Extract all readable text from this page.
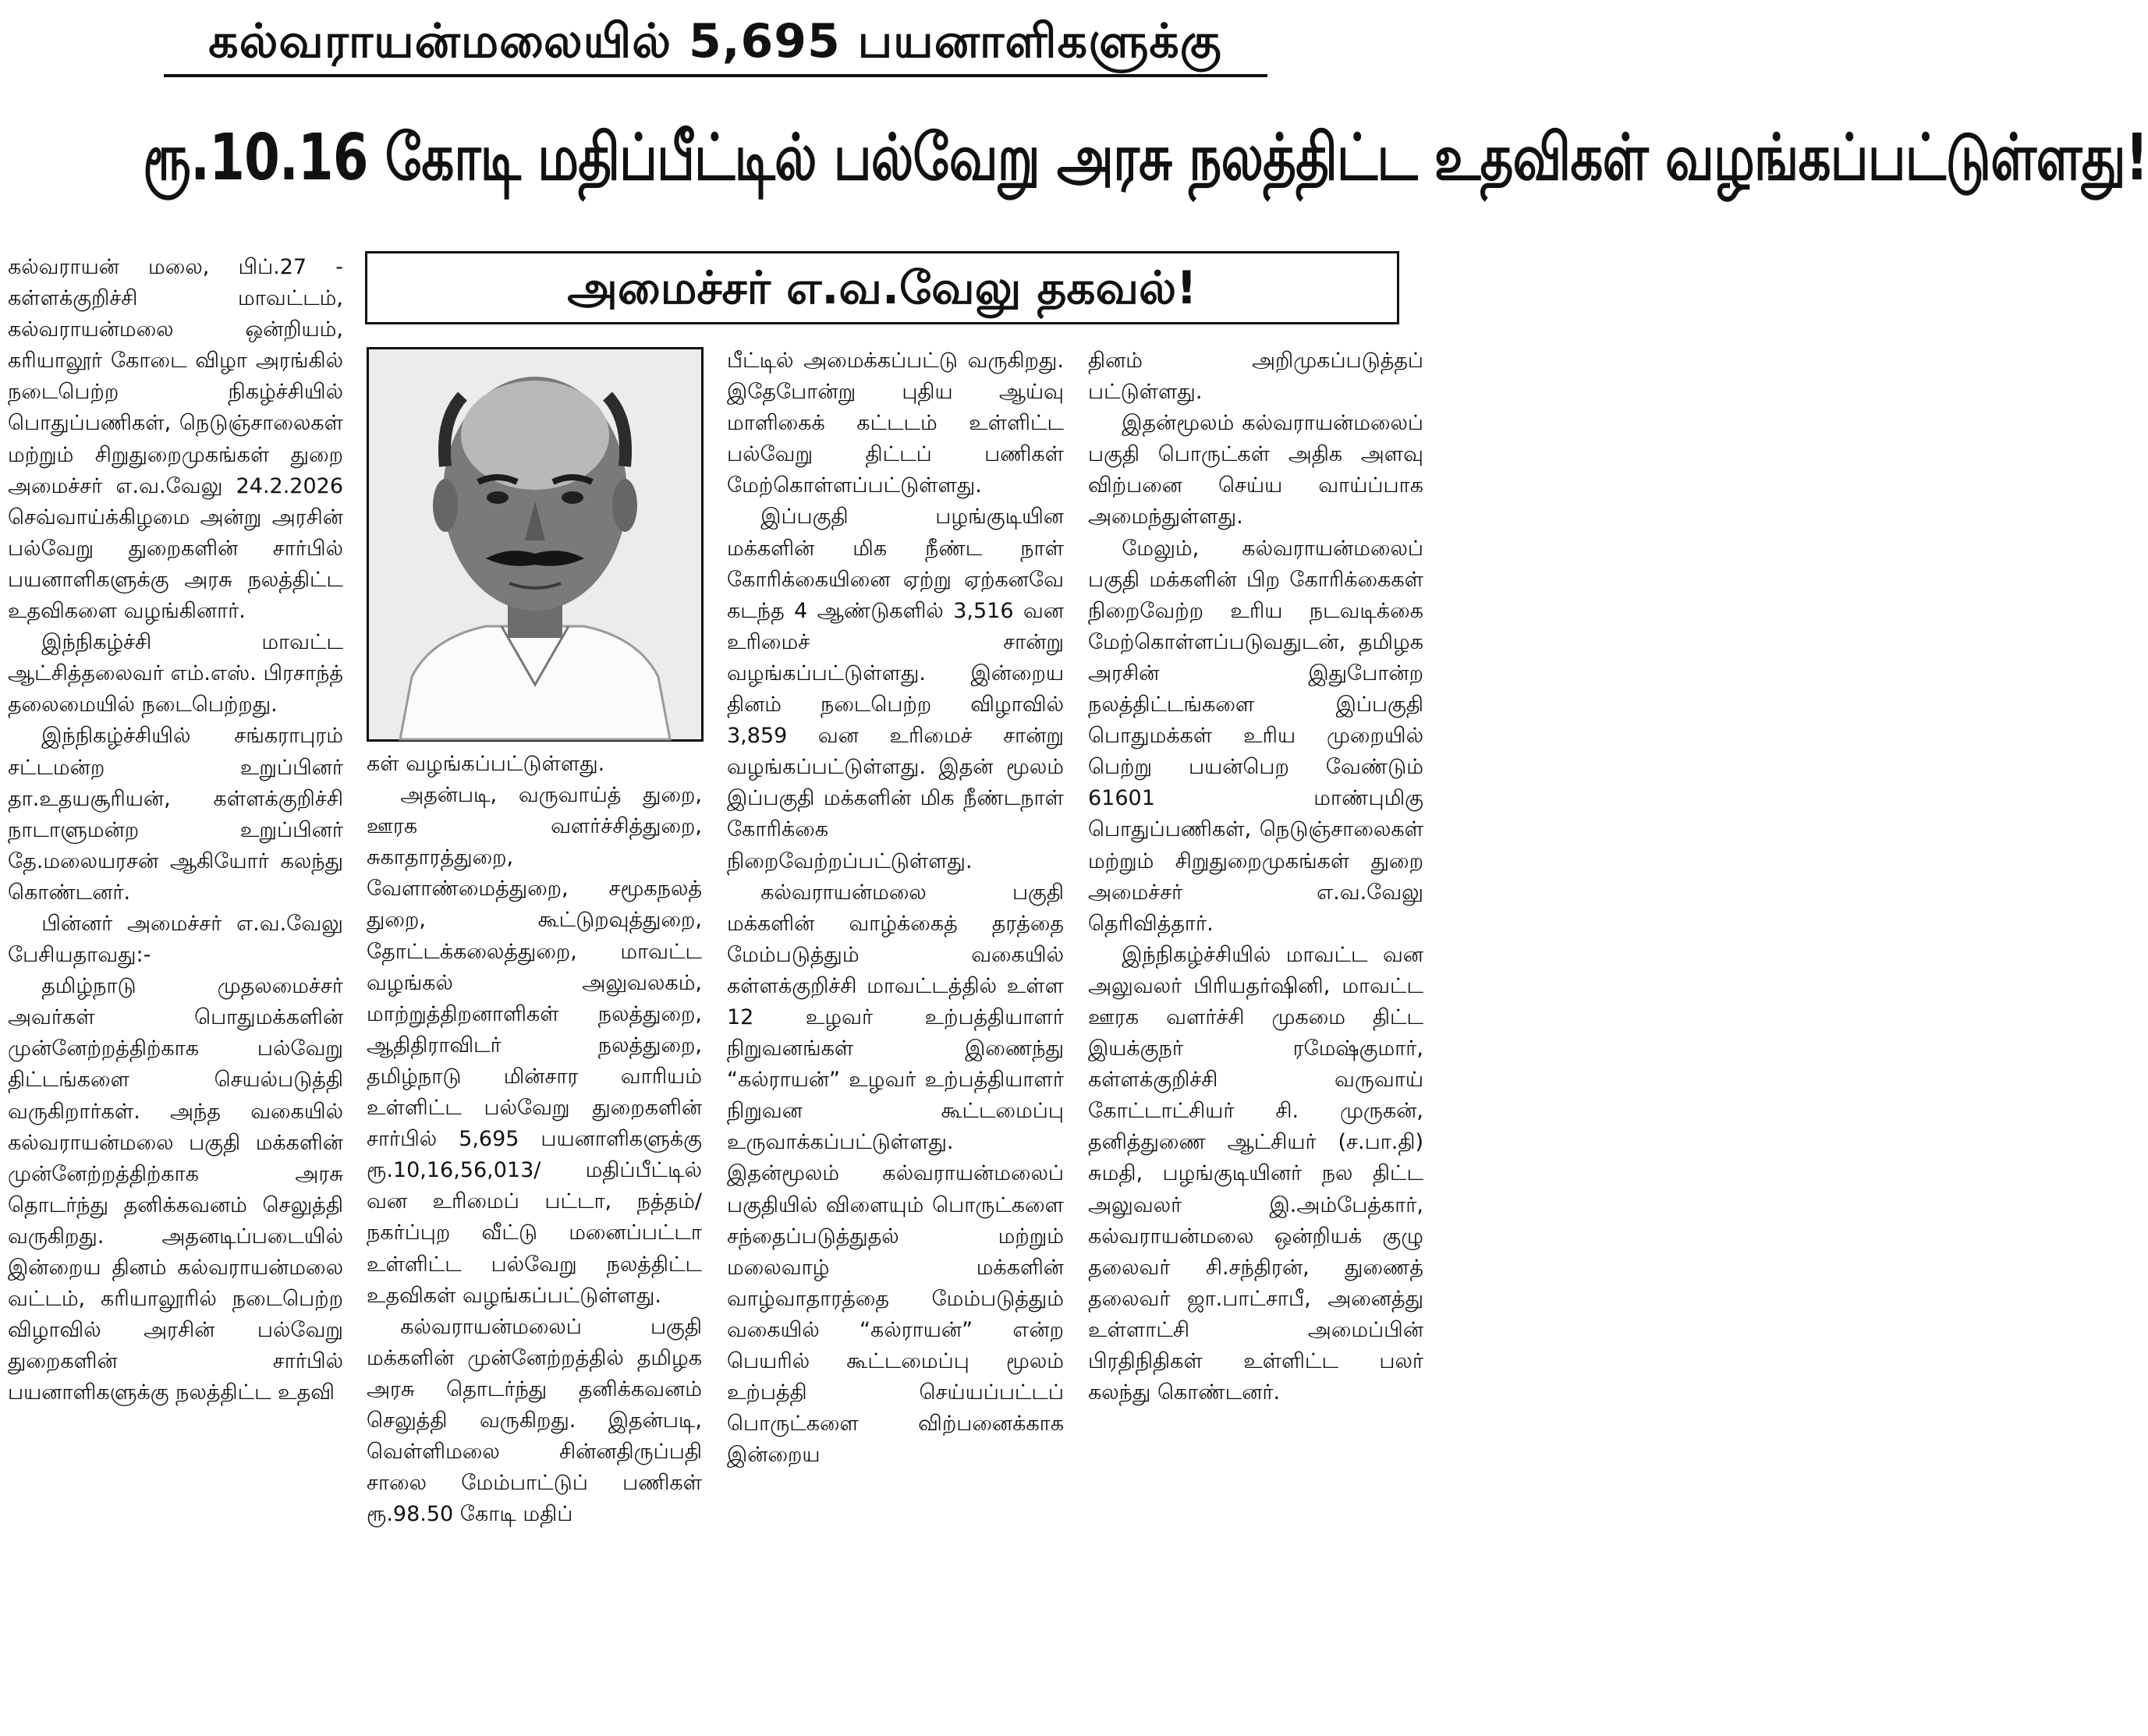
கல்வராயன்மலையில் 5,695 பயனாளிகளுக்கு
ரூ.10.16 கோடி மதிப்பீட்டில் பல்வேறு அரசு நலத்திட்ட உதவிகள் வழங்கப்பட்டுள்ளது!
அமைச்சர் எ.வ.வேலு தகவல்!

கல்வராயன் மலை, பிப்.27 - கள்ளக்குறிச்சி மாவட்டம், கல்வராயன்மலை ஒன்றியம், கரியாலூர் கோடை விழா அரங்கில் நடைபெற்ற நிகழ்ச்சியில் பொதுப்பணிகள், நெடுஞ்சாலைகள் மற்றும் சிறுதுறைமுகங்கள் துறை அமைச்சர் எ.வ.வேலு 24.2.2026 செவ்வாய்க்கிழமை அன்று அரசின் பல்வேறு துறைகளின் சார்பில் பயனாளிகளுக்கு அரசு நலத்திட்ட உதவிகளை வழங்கினார்.

இந்நிகழ்ச்சி மாவட்ட ஆட்சித்தலைவர் எம்.எஸ். பிரசாந்த் தலைமையில் நடைபெற்றது.

இந்நிகழ்ச்சியில் சங்கராபுரம் சட்டமன்ற உறுப்பினர் தா.உதயசூரியன், கள்ளக்குறிச்சி நாடாளுமன்ற உறுப்பினர் தே.மலையரசன் ஆகியோர் கலந்து கொண்டனர்.

பின்னர் அமைச்சர் எ.வ.வேலு பேசியதாவது:-

தமிழ்நாடு முதலமைச்சர் அவர்கள் பொதுமக்களின் முன்னேற்றத்திற்காக பல்வேறு திட்டங்களை செயல்படுத்தி வருகிறார்கள். அந்த வகையில் கல்வராயன்மலை பகுதி மக்களின் முன்னேற்றத்திற்காக அரசு தொடர்ந்து தனிக்கவனம் செலுத்தி வருகிறது. அதனடிப்படையில் இன்றைய தினம் கல்வராயன்மலை வட்டம், கரியாலூரில் நடைபெற்ற விழாவில் அரசின் பல்வேறு துறைகளின் சார்பில் பயனாளிகளுக்கு நலத்திட்ட உதவி

கள் வழங்கப்பட்டுள்ளது.

அதன்படி, வருவாய்த் துறை, ஊரக வளர்ச்சித்துறை, சுகாதாரத்துறை, வேளாண்மைத்துறை, சமூகநலத் துறை, கூட்டுறவுத்துறை, தோட்டக்கலைத்துறை, மாவட்ட வழங்கல் அலுவலகம், மாற்றுத்திறனாளிகள் நலத்துறை, ஆதிதிராவிடர் நலத்துறை, தமிழ்நாடு மின்சார வாரியம் உள்ளிட்ட பல்வேறு துறைகளின் சார்பில் 5,695 பயனாளிகளுக்கு ரூ.10,16,56,013/ மதிப்பீட்டில் வன உரிமைப் பட்டா, நத்தம்/நகர்ப்புற வீட்டு மனைப்பட்டா உள்ளிட்ட பல்வேறு நலத்திட்ட உதவிகள் வழங்கப்பட்டுள்ளது.

கல்வராயன்மலைப் பகுதி மக்களின் முன்னேற்றத்தில் தமிழக அரசு தொடர்ந்து தனிக்கவனம் செலுத்தி வருகிறது. இதன்படி, வெள்ளிமலை சின்னதிருப்பதி சாலை மேம்பாட்டுப் பணிகள் ரூ.98.50 கோடி மதிப்

பீட்டில் அமைக்கப்பட்டு வருகிறது. இதேபோன்று புதிய ஆய்வு மாளிகைக் கட்டடம் உள்ளிட்ட பல்வேறு திட்டப் பணிகள் மேற்கொள்ளப்பட்டுள்ளது.

இப்பகுதி பழங்குடியின மக்களின் மிக நீண்ட நாள் கோரிக்கையினை ஏற்று ஏற்கனவே கடந்த 4 ஆண்டுகளில் 3,516 வன உரிமைச் சான்று வழங்கப்பட்டுள்ளது. இன்றைய தினம் நடைபெற்ற விழாவில் 3,859 வன உரிமைச் சான்று வழங்கப்பட்டுள்ளது. இதன் மூலம் இப்பகுதி மக்களின் மிக நீண்டநாள் கோரிக்கை நிறைவேற்றப்பட்டுள்ளது.

கல்வராயன்மலை பகுதி மக்களின் வாழ்க்கைத் தரத்தை மேம்படுத்தும் வகையில் கள்ளக்குறிச்சி மாவட்டத்தில் உள்ள 12 உழவர் உற்பத்தியாளர் நிறுவனங்கள் இணைந்து “கல்ராயன்” உழவர் உற்பத்தியாளர் நிறுவன கூட்டமைப்பு உருவாக்கப்பட்டுள்ளது. இதன்மூலம் கல்வராயன்மலைப் பகுதியில் விளையும் பொருட்களை சந்தைப்படுத்துதல் மற்றும் மலைவாழ் மக்களின் வாழ்வாதாரத்தை மேம்படுத்தும் வகையில் “கல்ராயன்” என்ற பெயரில் கூட்டமைப்பு மூலம் உற்பத்தி செய்யப்பட்டப் பொருட்களை விற்பனைக்காக இன்றைய

தினம் அறிமுகப்படுத்தப் பட்டுள்ளது.

இதன்மூலம் கல்வராயன்மலைப் பகுதி பொருட்கள் அதிக அளவு விற்பனை செய்ய வாய்ப்பாக அமைந்துள்ளது.

மேலும், கல்வராயன்மலைப் பகுதி மக்களின் பிற கோரிக்கைகள் நிறைவேற்ற உரிய நடவடிக்கை மேற்கொள்ளப்படுவதுடன், தமிழக அரசின் இதுபோன்ற நலத்திட்டங்களை இப்பகுதி பொதுமக்கள் உரிய முறையில் பெற்று பயன்பெற வேண்டும் 61601 மாண்புமிகு பொதுப்பணிகள், நெடுஞ்சாலைகள் மற்றும் சிறுதுறைமுகங்கள் துறை அமைச்சர் எ.வ.வேலு தெரிவித்தார்.

இந்நிகழ்ச்சியில் மாவட்ட வன அலுவலர் பிரியதர்ஷினி, மாவட்ட ஊரக வளர்ச்சி முகமை திட்ட இயக்குநர் ரமேஷ்குமார், கள்ளக்குறிச்சி வருவாய் கோட்டாட்சியர் சி. முருகன், தனித்துணை ஆட்சியர் (ச.பா.தி) சுமதி, பழங்குடியினர் நல திட்ட அலுவலர் இ.அம்பேத்கார், கல்வராயன்மலை ஒன்றியக் குழு தலைவர் சி.சந்திரன், துணைத் தலைவர் ஜா.பாட்சாபீ, அனைத்து உள்ளாட்சி அமைப்பின் பிரதிநிதிகள் உள்ளிட்ட பலர் கலந்து கொண்டனர்.
